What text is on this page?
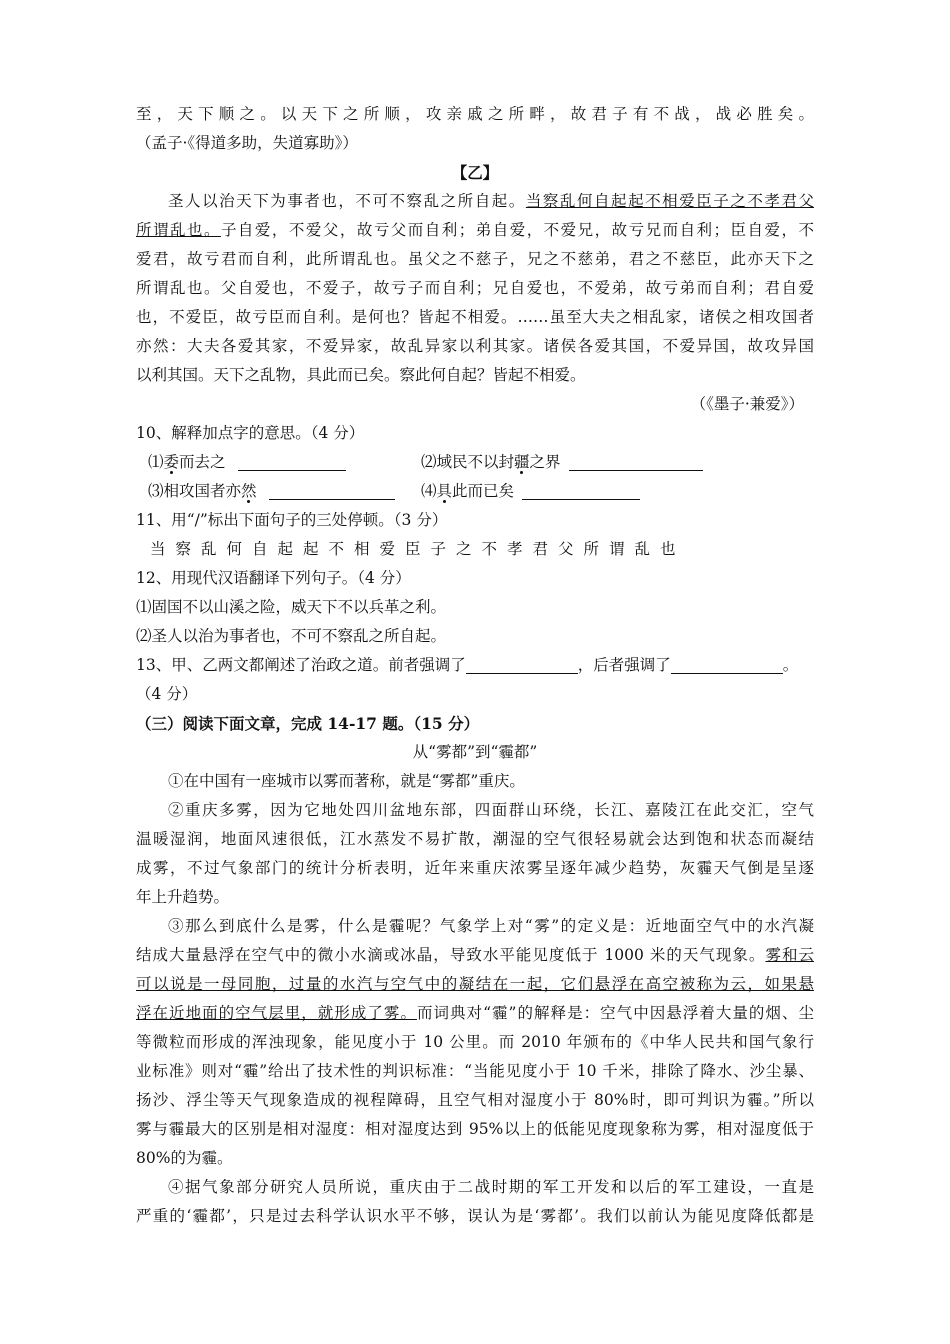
至，天下顺之。以天下之所顺，攻亲戚之所畔，故君子有不战，战必胜矣。
（孟子·《得道多助，失道寡助》）
【乙】
圣人以治天下为事者也，不可不察乱之所自起。当察乱何自起起不相爱臣子之不孝君父
所谓乱也。子自爱，不爱父，故亏父而自利；弟自爱，不爱兄，故亏兄而自利；臣自爱，不
爱君，故亏君而自利，此所谓乱也。虽父之不慈子，兄之不慈弟，君之不慈臣，此亦天下之
所谓乱也。父自爱也，不爱子，故亏子而自利；兄自爱也，不爱弟，故亏弟而自利；君自爱
也，不爱臣，故亏臣而自利。是何也？皆起不相爱。……虽至大夫之相乱家，诸侯之相攻国者
亦然：大夫各爱其家，不爱异家，故乱异家以利其家。诸侯各爱其国，不爱异国，故攻异国
以利其国。天下之乱物，具此而已矣。察此何自起？皆起不相爱。
（《墨子·兼爱》）
10、解释加点字的意思。（4 分）
⑴委而去之	⑵域民不以封疆之界
⑶相攻国者亦然	⑷具此而已矣
11、用“/”标出下面句子的三处停顿。（3 分）
当察乱何自起起不相爱臣子之不孝君父所谓乱也
12、用现代汉语翻译下列句子。（4 分）
⑴固国不以山溪之险，威天下不以兵革之利。
⑵圣人以治为事者也，不可不察乱之所自起。
13、甲、乙两文都阐述了治政之道。前者强调了	，后者强调了	。
（4 分）
（三）阅读下面文章，完成 14-17 题。（15 分）
从“雾都”到“霾都”
①在中国有一座城市以雾而著称，就是“雾都”重庆。
②重庆多雾，因为它地处四川盆地东部，四面群山环绕，长江、嘉陵江在此交汇，空气
温暖湿润，地面风速很低，江水蒸发不易扩散，潮湿的空气很轻易就会达到饱和状态而凝结
成雾，不过气象部门的统计分析表明，近年来重庆浓雾呈逐年减少趋势，灰霾天气倒是呈逐
年上升趋势。
③那么到底什么是雾，什么是霾呢？气象学上对“雾”的定义是：近地面空气中的水汽凝
结成大量悬浮在空气中的微小水滴或冰晶，导致水平能见度低于 1000 米的天气现象。雾和云
可以说是一母同胞，过量的水汽与空气中的凝结在一起，它们悬浮在高空被称为云，如果悬
浮在近地面的空气层里，就形成了雾。而词典对“霾”的解释是：空气中因悬浮着大量的烟、尘
等微粒而形成的浑浊现象，能见度小于 10 公里。而 2010 年颁布的《中华人民共和国气象行
业标准》则对“霾”给出了技术性的判识标准：“当能见度小于 10 千米，排除了降水、沙尘暴、
扬沙、浮尘等天气现象造成的视程障碍，且空气相对湿度小于 80%时，即可判识为霾。”所以
雾与霾最大的区别是相对湿度：相对湿度达到 95%以上的低能见度现象称为雾，相对湿度低于
80%的为霾。
④据气象部分研究人员所说，重庆由于二战时期的军工开发和以后的军工建设，一直是
严重的‘霾都’，只是过去科学认识水平不够，误认为是‘雾都’。我们以前认为能见度降低都是
